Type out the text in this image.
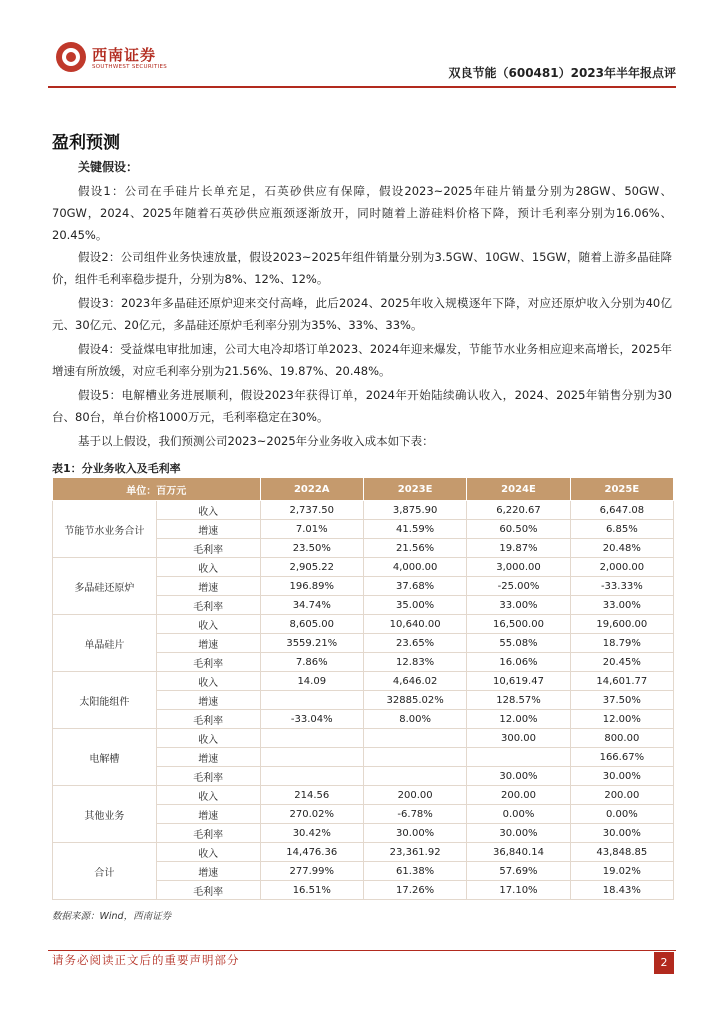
西南证券
SOUTHWEST SECURITIES	双良节能（600481）2023年半年报点评
盈利预测
关键假设：
假设1：公司在手硅片长单充足，石英砂供应有保障，假设2023~2025年硅片销量分别为28GW、50GW、70GW，2024、2025年随着石英砂供应瓶颈逐渐放开，同时随着上游硅料价格下降，预计毛利率分别为16.06%、20.45%。
假设2：公司组件业务快速放量，假设2023~2025年组件销量分别为3.5GW、10GW、15GW，随着上游多晶硅降价，组件毛利率稳步提升，分别为8%、12%、12%。
假设3：2023年多晶硅还原炉迎来交付高峰，此后2024、2025年收入规模逐年下降，对应还原炉收入分别为40亿元、30亿元、20亿元，多晶硅还原炉毛利率分别为35%、33%、33%。
假设4：受益煤电审批加速，公司大电冷却塔订单2023、2024年迎来爆发，节能节水业务相应迎来高增长，2025年增速有所放缓，对应毛利率分别为21.56%、19.87%、20.48%。
假设5：电解槽业务进展顺利，假设2023年获得订单，2024年开始陆续确认收入，2024、2025年销售分别为30台、80台，单台价格1000万元，毛利率稳定在30%。
基于以上假设，我们预测公司2023~2025年分业务收入成本如下表：
表1：分业务收入及毛利率
单位：百万元		2022A	2023E	2024E	2025E
节能节水业务合计	收入	2,737.50	3,875.90	6,220.67	6,647.08
	增速	7.01%	41.59%	60.50%	6.85%
	毛利率	23.50%	21.56%	19.87%	20.48%
多晶硅还原炉	收入	2,905.22	4,000.00	3,000.00	2,000.00
	增速	196.89%	37.68%	-25.00%	-33.33%
	毛利率	34.74%	35.00%	33.00%	33.00%
单晶硅片	收入	8,605.00	10,640.00	16,500.00	19,600.00
	增速	3559.21%	23.65%	55.08%	18.79%
	毛利率	7.86%	12.83%	16.06%	20.45%
太阳能组件	收入	14.09	4,646.02	10,619.47	14,601.77
	增速		32885.02%	128.57%	37.50%
	毛利率	-33.04%	8.00%	12.00%	12.00%
电解槽	收入			300.00	800.00
	增速				166.67%
	毛利率			30.00%	30.00%
其他业务	收入	214.56	200.00	200.00	200.00
	增速	270.02%	-6.78%	0.00%	0.00%
	毛利率	30.42%	30.00%	30.00%	30.00%
合计	收入	14,476.36	23,361.92	36,840.14	43,848.85
	增速	277.99%	61.38%	57.69%	19.02%
	毛利率	16.51%	17.26%	17.10%	18.43%
数据来源：Wind，西南证券
请务必阅读正文后的重要声明部分	2
